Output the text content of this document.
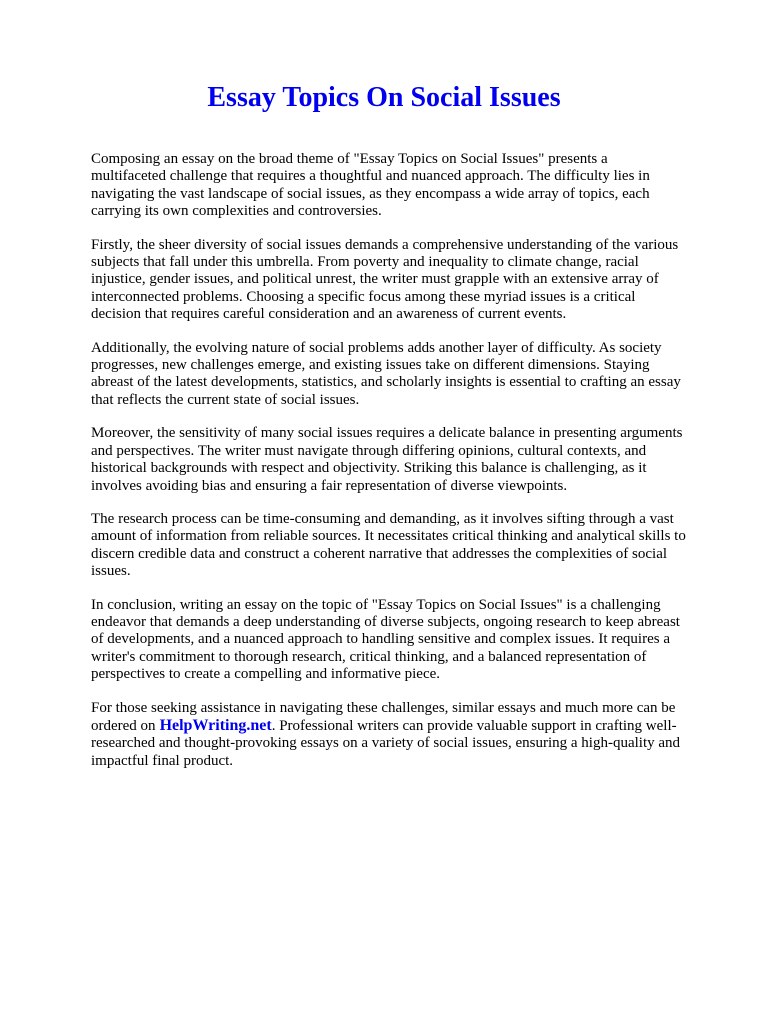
Essay Topics On Social Issues

Composing an essay on the broad theme of "Essay Topics on Social Issues" presents a multifaceted challenge that requires a thoughtful and nuanced approach. The difficulty lies in navigating the vast landscape of social issues, as they encompass a wide array of topics, each carrying its own complexities and controversies.

Firstly, the sheer diversity of social issues demands a comprehensive understanding of the various subjects that fall under this umbrella. From poverty and inequality to climate change, racial injustice, gender issues, and political unrest, the writer must grapple with an extensive array of interconnected problems. Choosing a specific focus among these myriad issues is a critical decision that requires careful consideration and an awareness of current events.

Additionally, the evolving nature of social problems adds another layer of difficulty. As society progresses, new challenges emerge, and existing issues take on different dimensions. Staying abreast of the latest developments, statistics, and scholarly insights is essential to crafting an essay that reflects the current state of social issues.

Moreover, the sensitivity of many social issues requires a delicate balance in presenting arguments and perspectives. The writer must navigate through differing opinions, cultural contexts, and historical backgrounds with respect and objectivity. Striking this balance is challenging, as it involves avoiding bias and ensuring a fair representation of diverse viewpoints.

The research process can be time-consuming and demanding, as it involves sifting through a vast amount of information from reliable sources. It necessitates critical thinking and analytical skills to discern credible data and construct a coherent narrative that addresses the complexities of social issues.

In conclusion, writing an essay on the topic of "Essay Topics on Social Issues" is a challenging endeavor that demands a deep understanding of diverse subjects, ongoing research to keep abreast of developments, and a nuanced approach to handling sensitive and complex issues. It requires a writer's commitment to thorough research, critical thinking, and a balanced representation of perspectives to create a compelling and informative piece.

For those seeking assistance in navigating these challenges, similar essays and much more can be ordered on HelpWriting.net. Professional writers can provide valuable support in crafting well-researched and thought-provoking essays on a variety of social issues, ensuring a high-quality and impactful final product.
